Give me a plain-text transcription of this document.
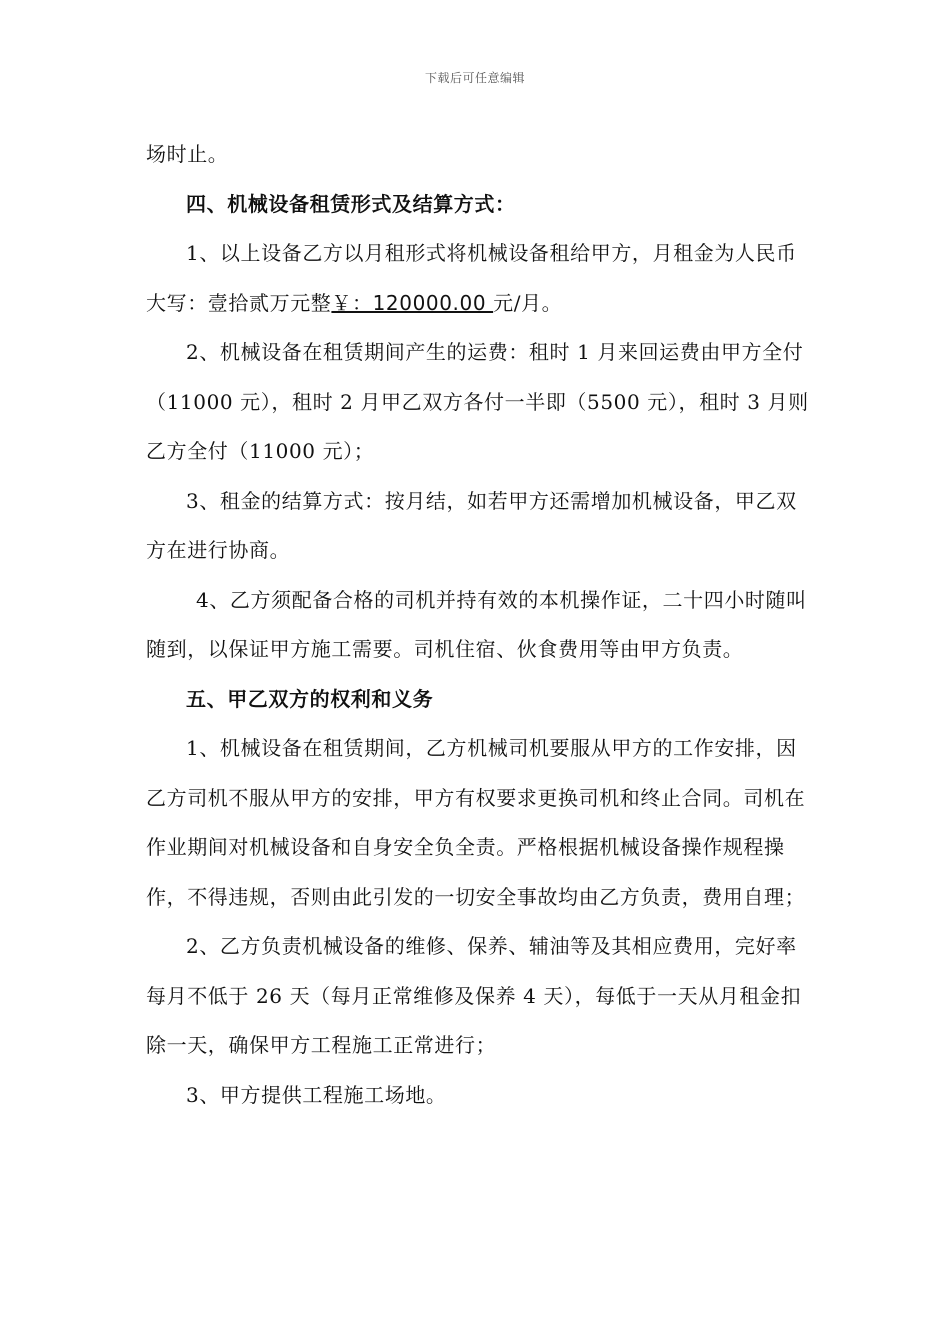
下载后可任意编辑

场时止。

四、机械设备租赁形式及结算方式：

1、以上设备乙方以月租形式将机械设备租给甲方，月租金为人民币大写：壹拾贰万元整￥：120000.00 元/月。

2、机械设备在租赁期间产生的运费：租时 1 月来回运费由甲方全付（11000 元），租时 2 月甲乙双方各付一半即（5500 元），租时 3 月则乙方全付（11000 元）；

3、租金的结算方式：按月结，如若甲方还需增加机械设备，甲乙双方在进行协商。

4、乙方须配备合格的司机并持有效的本机操作证，二十四小时随叫随到，以保证甲方施工需要。司机住宿、伙食费用等由甲方负责。

五、甲乙双方的权利和义务

1、机械设备在租赁期间，乙方机械司机要服从甲方的工作安排，因乙方司机不服从甲方的安排，甲方有权要求更换司机和终止合同。司机在作业期间对机械设备和自身安全负全责。严格根据机械设备操作规程操作，不得违规，否则由此引发的一切安全事故均由乙方负责，费用自理；

2、乙方负责机械设备的维修、保养、辅油等及其相应费用，完好率每月不低于 26 天（每月正常维修及保养 4 天），每低于一天从月租金扣除一天，确保甲方工程施工正常进行；

3、甲方提供工程施工场地。
